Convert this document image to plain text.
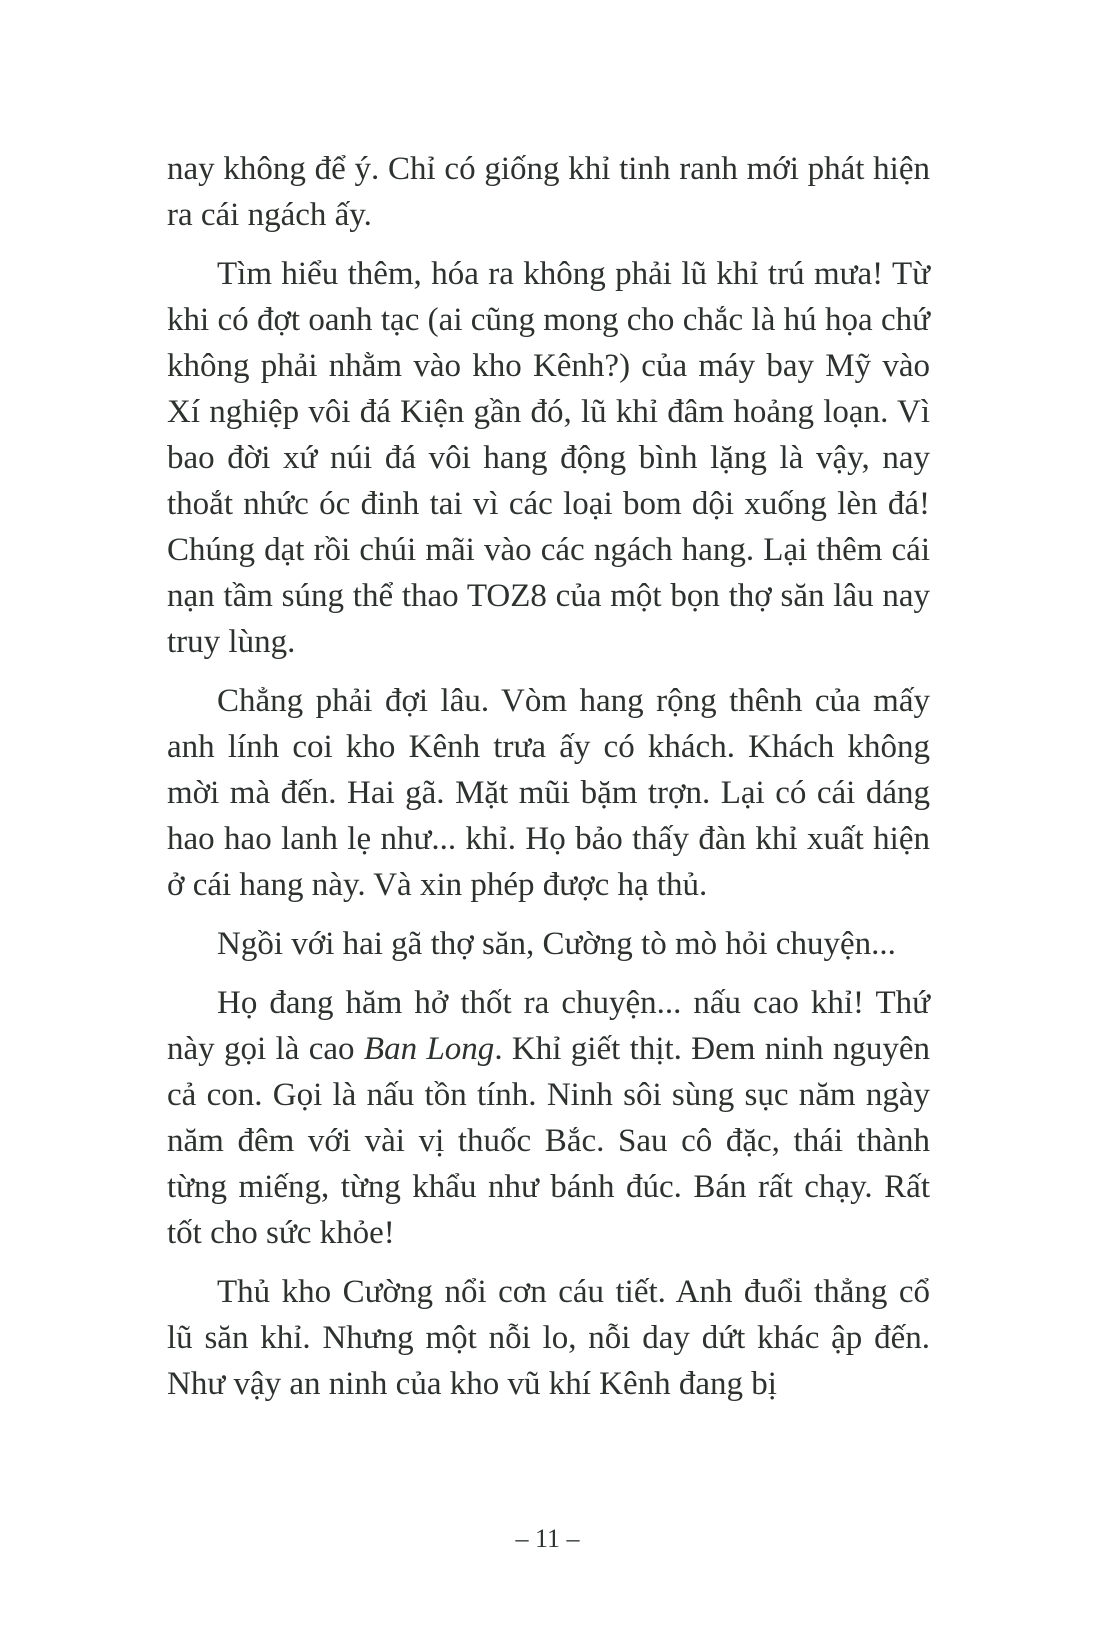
nay không để ý. Chỉ có giống khỉ tinh ranh mới phát hiện ra cái ngách ấy.

Tìm hiểu thêm, hóa ra không phải lũ khỉ trú mưa! Từ khi có đợt oanh tạc (ai cũng mong cho chắc là hú họa chứ không phải nhằm vào kho Kênh?) của máy bay Mỹ vào Xí nghiệp vôi đá Kiện gần đó, lũ khỉ đâm hoảng loạn. Vì bao đời xứ núi đá vôi hang động bình lặng là vậy, nay thoắt nhức óc đinh tai vì các loại bom dội xuống lèn đá! Chúng dạt rồi chúi mãi vào các ngách hang. Lại thêm cái nạn tầm súng thể thao TOZ8 của một bọn thợ săn lâu nay truy lùng.

Chẳng phải đợi lâu. Vòm hang rộng thênh của mấy anh lính coi kho Kênh trưa ấy có khách. Khách không mời mà đến. Hai gã. Mặt mũi bặm trợn. Lại có cái dáng hao hao lanh lẹ như... khỉ. Họ bảo thấy đàn khỉ xuất hiện ở cái hang này. Và xin phép được hạ thủ.

Ngồi với hai gã thợ săn, Cường tò mò hỏi chuyện...

Họ đang hăm hở thốt ra chuyện... nấu cao khỉ! Thứ này gọi là cao Ban Long. Khỉ giết thịt. Đem ninh nguyên cả con. Gọi là nấu tồn tính. Ninh sôi sùng sục năm ngày năm đêm với vài vị thuốc Bắc. Sau cô đặc, thái thành từng miếng, từng khẩu như bánh đúc. Bán rất chạy. Rất tốt cho sức khỏe!

Thủ kho Cường nổi cơn cáu tiết. Anh đuổi thẳng cổ lũ săn khỉ. Nhưng một nỗi lo, nỗi day dứt khác ập đến. Như vậy an ninh của kho vũ khí Kênh đang bị

– 11 –
